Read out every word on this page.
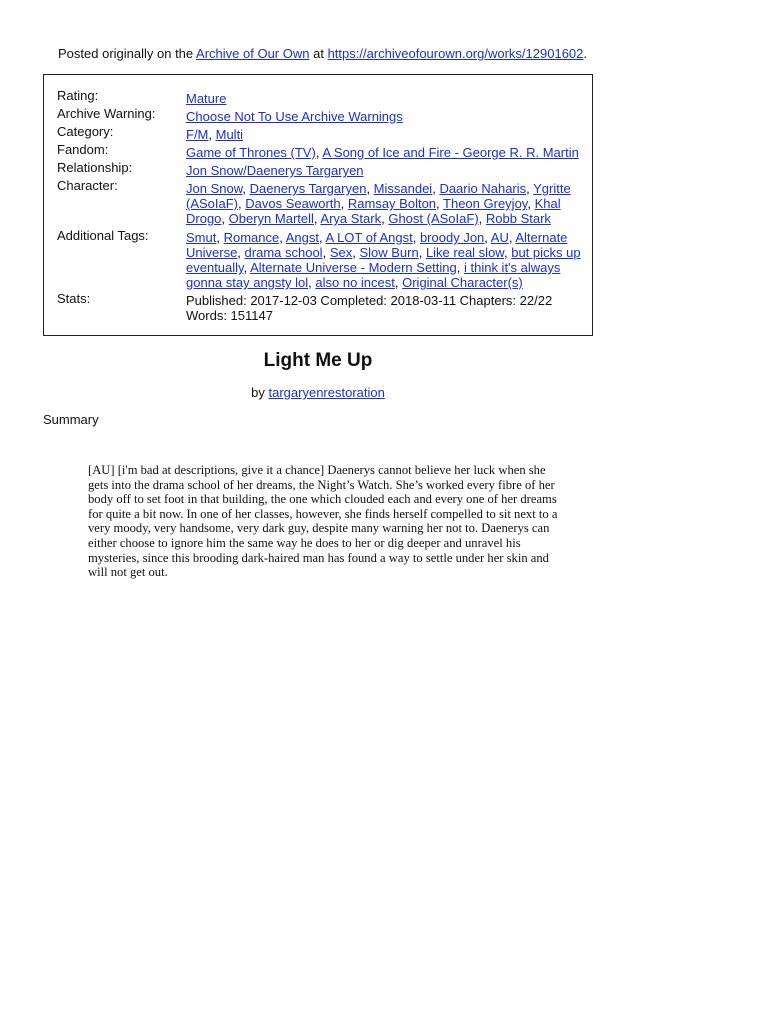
Posted originally on the Archive of Our Own at https://archiveofourown.org/works/12901602.
Rating:	Mature
Archive Warning: Choose Not To Use Archive Warnings
Category:	F/M, Multi
Fandom:	Game of Thrones (TV), A Song of Ice and Fire - George R. R. Martin
Relationship:	Jon Snow/Daenerys Targaryen
Character:	Jon Snow, Daenerys Targaryen, Missandei, Daario Naharis, Ygritte (ASoIaF), Davos Seaworth, Ramsay Bolton, Theon Greyjoy, Khal Drogo, Oberyn Martell, Arya Stark, Ghost (ASoIaF), Robb Stark
Additional Tags:	Smut, Romance, Angst, A LOT of Angst, broody Jon, AU, Alternate Universe, drama school, Sex, Slow Burn, Like real slow, but picks up eventually, Alternate Universe - Modern Setting, i think it's always gonna stay angsty lol, also no incest, Original Character(s)
Stats:	Published: 2017-12-03 Completed: 2018-03-11 Chapters: 22/22 Words: 151147
Light Me Up
by targaryenrestoration
Summary
[AU] [i'm bad at descriptions, give it a chance] Daenerys cannot believe her luck when she gets into the drama school of her dreams, the Night’s Watch. She’s worked every fibre of her body off to set foot in that building, the one which clouded each and every one of her dreams for quite a bit now. In one of her classes, however, she finds herself compelled to sit next to a very moody, very handsome, very dark guy, despite many warning her not to. Daenerys can either choose to ignore him the same way he does to her or dig deeper and unravel his mysteries, since this brooding dark-haired man has found a way to settle under her skin and will not get out.
